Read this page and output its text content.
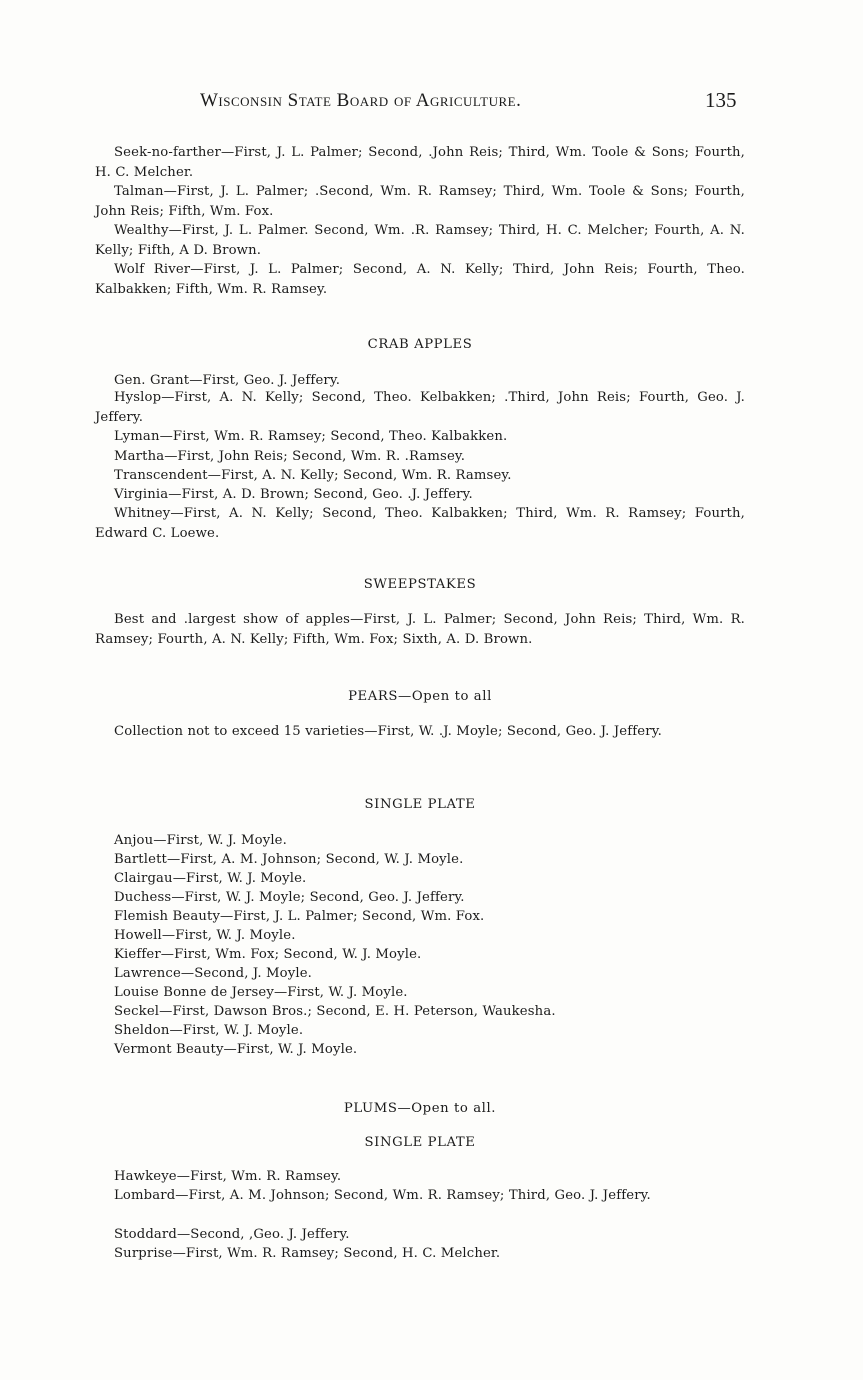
Wisconsin State Board of Agriculture.	135
Seek-no-farther—First, J. L. Palmer; Second, .John Reis; Third, Wm. Toole & Sons; Fourth, H. C. Melcher.
Talman—First, J. L. Palmer; .Second, Wm. R. Ramsey; Third, Wm. Toole & Sons; Fourth, John Reis; Fifth, Wm. Fox.
Wealthy—First, J. L. Palmer. Second, Wm. .R. Ramsey; Third, H. C. Melcher; Fourth, A. N. Kelly; Fifth, A D. Brown.
Wolf River—First, J. L. Palmer; Second, A. N. Kelly; Third, John Reis; Fourth, Theo. Kalbakken; Fifth, Wm. R. Ramsey.
CRAB APPLES
Gen. Grant—First, Geo. J. Jeffery.
Hyslop—First, A. N. Kelly; Second, Theo. Kelbakken; .Third, John Reis; Fourth, Geo. J. Jeffery.
Lyman—First, Wm. R. Ramsey; Second, Theo. Kalbakken.
Martha—First, John Reis; Second, Wm. R. .Ramsey.
Transcendent—First, A. N. Kelly; Second, Wm. R. Ramsey.
Virginia—First, A. D. Brown; Second, Geo. .J. Jeffery.
Whitney—First, A. N. Kelly; Second, Theo. Kalbakken; Third, Wm. R. Ramsey; Fourth, Edward C. Loewe.
SWEEPSTAKES
Best and .largest show of apples—First, J. L. Palmer; Second, John Reis; Third, Wm. R. Ramsey; Fourth, A. N. Kelly; Fifth, Wm. Fox; Sixth, A. D. Brown.
PEARS—Open to all
Collection not to exceed 15 varieties—First, W. .J. Moyle; Second, Geo. J. Jeffery.
SINGLE PLATE
Anjou—First, W. J. Moyle.
Bartlett—First, A. M. Johnson; Second, W. J. Moyle.
Clairgau—First, W. J. Moyle.
Duchess—First, W. J. Moyle; Second, Geo. J. Jeffery.
Flemish Beauty—First, J. L. Palmer; Second, Wm. Fox.
Howell—First, W. J. Moyle.
Kieffer—First, Wm. Fox; Second, W. J. Moyle.
Lawrence—Second, J. Moyle.
Louise Bonne de Jersey—First, W. J. Moyle.
Seckel—First, Dawson Bros.; Second, E. H. Peterson, Waukesha.
Sheldon—First, W. J. Moyle.
Vermont Beauty—First, W. J. Moyle.
PLUMS—Open to all.
SINGLE PLATE
Hawkeye—First, Wm. R. Ramsey.
Lombard—First, A. M. Johnson; Second, Wm. R. Ramsey; Third, Geo. J. Jeffery.
Stoddard—Second, ,Geo. J. Jeffery.
Surprise—First, Wm. R. Ramsey; Second, H. C. Melcher.
